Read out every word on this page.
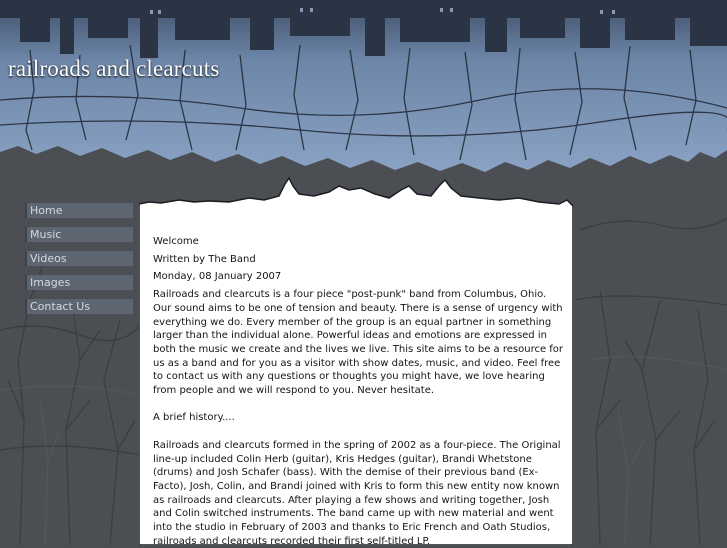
railroads and clearcuts
Home
Music
Videos
Images
Contact Us

Welcome

Written by The Band

Monday, 08 January 2007

Railroads and clearcuts is a four piece "post-punk" band from Columbus, Ohio. Our sound aims to be one of tension and beauty. There is a sense of urgency with everything we do. Every member of the group is an equal partner in something larger than the individual alone. Powerful ideas and emotions are expressed in both the music we create and the lives we live. This site aims to be a resource for us as a band and for you as a visitor with show dates, music, and video. Feel free to contact us with any questions or thoughts you might have, we love hearing from people and we will respond to you. Never hesitate.

A brief history....

Railroads and clearcuts formed in the spring of 2002 as a four-piece. The Original line-up included Colin Herb (guitar), Kris Hedges (guitar), Brandi Whetstone (drums) and Josh Schafer (bass). With the demise of their previous band (Ex-Facto), Josh, Colin, and Brandi joined with Kris to form this new entity now known as railroads and clearcuts. After playing a few shows and writing together, Josh and Colin switched instruments. The band came up with new material and went into the studio in February of 2003 and thanks to Eric French and Oath Studios, railroads and clearcuts recorded their first self-titled LP.
